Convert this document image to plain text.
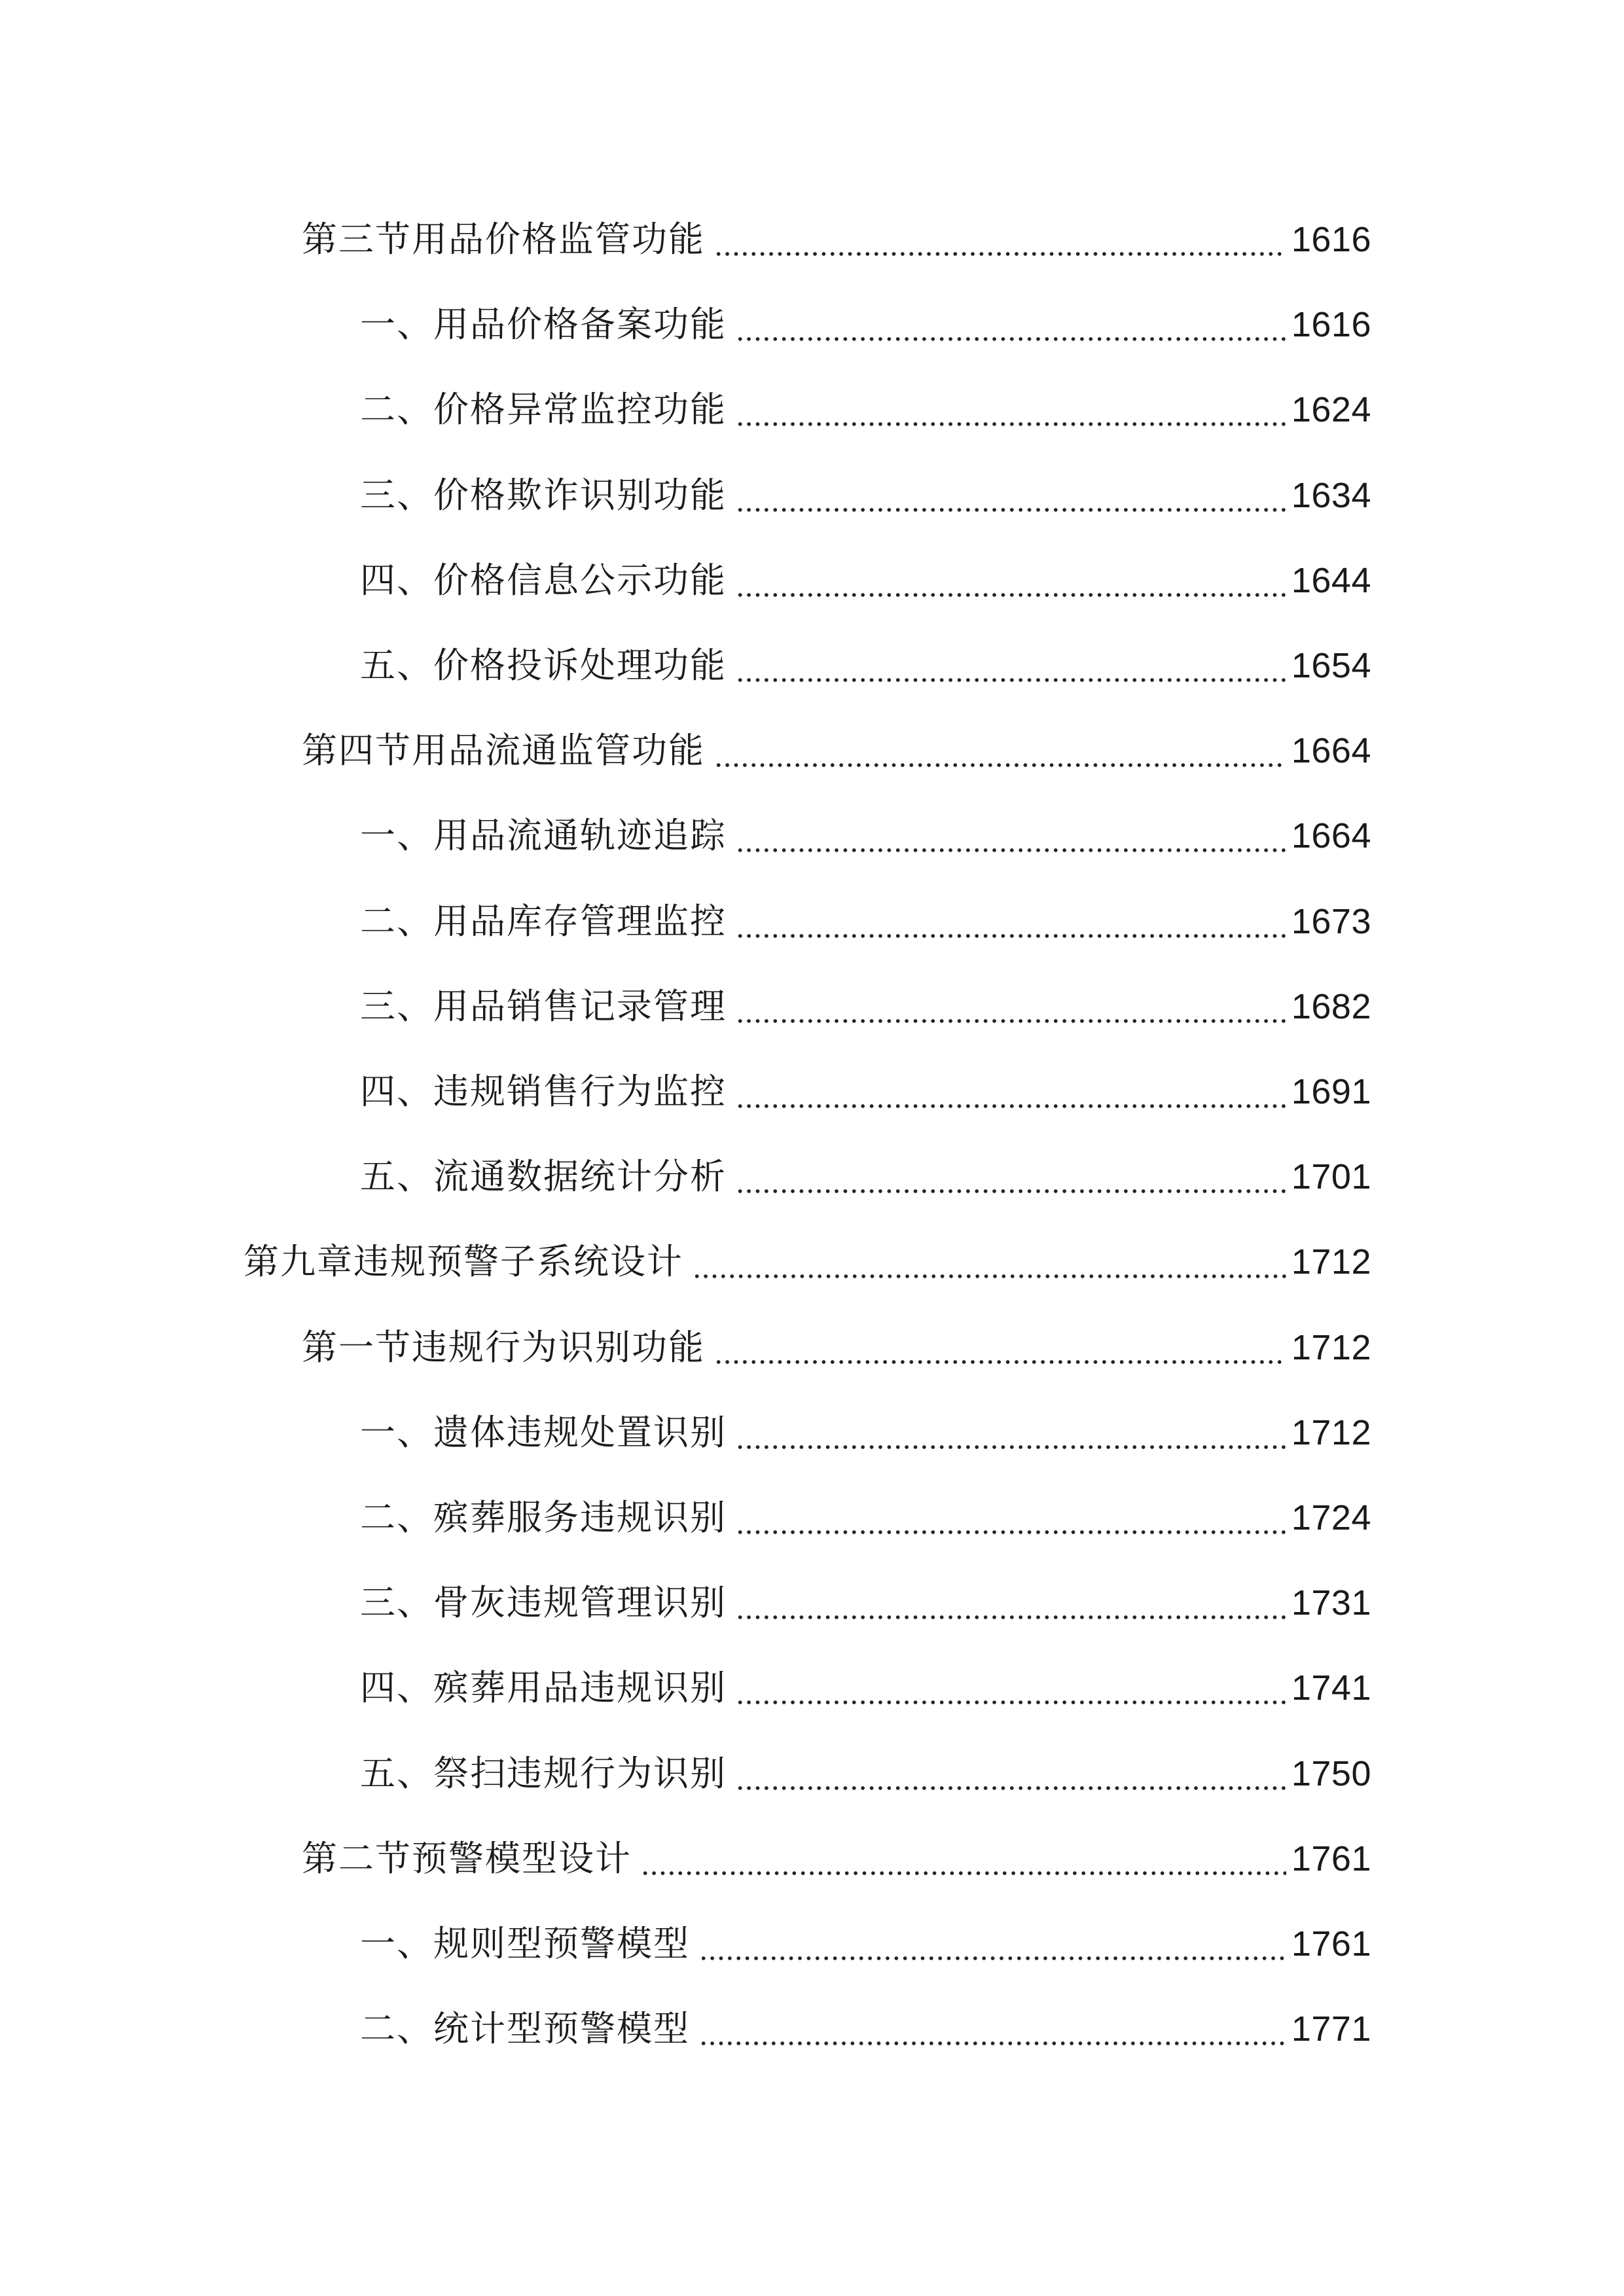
第三节用品价格监管功能	1616
一、用品价格备案功能	1616
二、价格异常监控功能	1624
三、价格欺诈识别功能	1634
四、价格信息公示功能	1644
五、价格投诉处理功能	1654
第四节用品流通监管功能	1664
一、用品流通轨迹追踪	1664
二、用品库存管理监控	1673
三、用品销售记录管理	1682
四、违规销售行为监控	1691
五、流通数据统计分析	1701
第九章违规预警子系统设计	1712
第一节违规行为识别功能	1712
一、遗体违规处置识别	1712
二、殡葬服务违规识别	1724
三、骨灰违规管理识别	1731
四、殡葬用品违规识别	1741
五、祭扫违规行为识别	1750
第二节预警模型设计	1761
一、规则型预警模型	1761
二、统计型预警模型	1771
